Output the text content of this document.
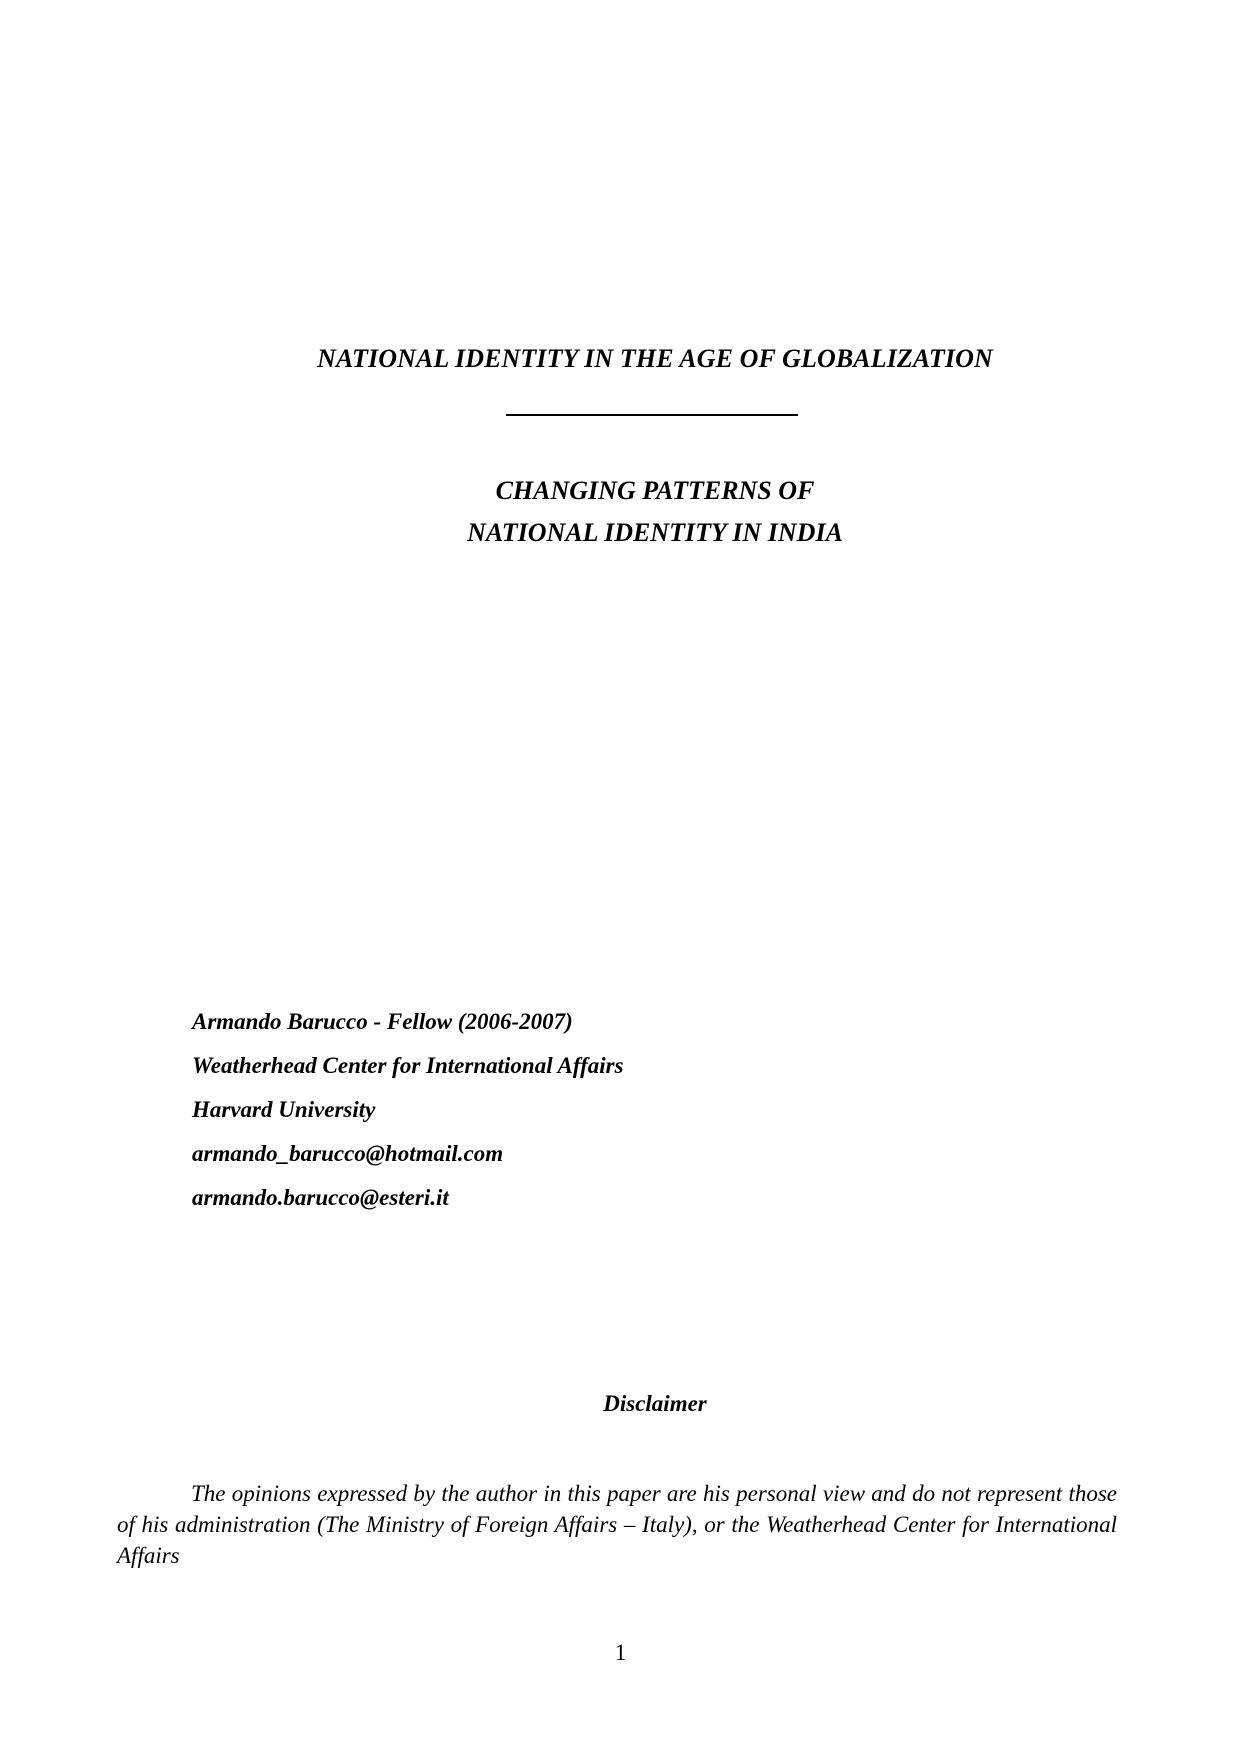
NATIONAL IDENTITY IN THE AGE OF GLOBALIZATION
CHANGING PATTERNS OF
NATIONAL IDENTITY IN INDIA
Armando Barucco - Fellow (2006-2007)
Weatherhead Center for International Affairs
Harvard University
armando_barucco@hotmail.com
armando.barucco@esteri.it
Disclaimer
The opinions expressed by the author in this paper are his personal view and do not represent those of his administration (The Ministry of Foreign Affairs – Italy), or the Weatherhead Center for International Affairs
1
